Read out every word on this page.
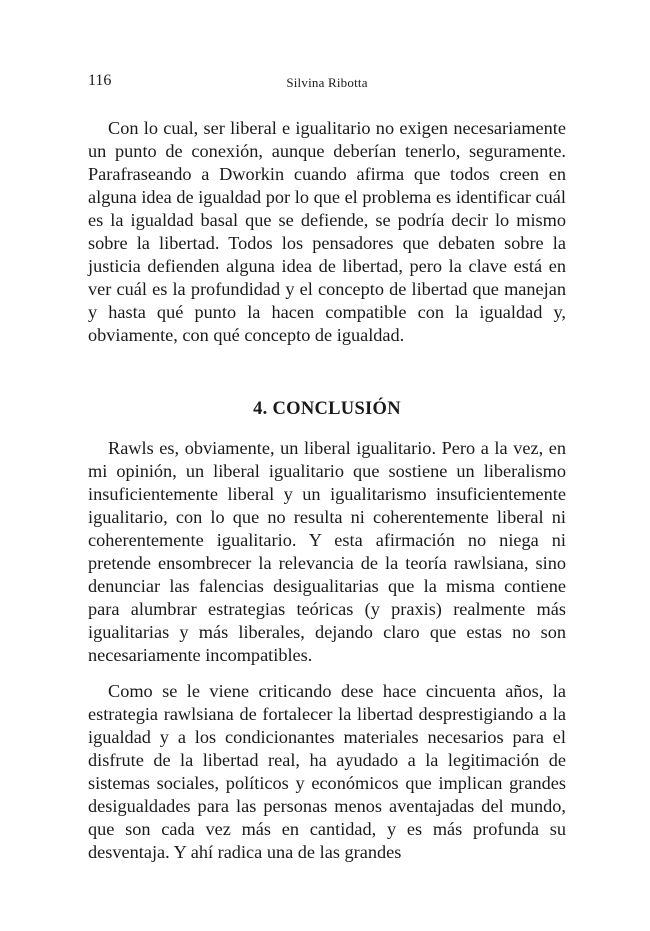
116	Silvina Ribotta

Con lo cual, ser liberal e igualitario no exigen necesariamente un punto de conexión, aunque deberían tenerlo, seguramente. Parafraseando a Dworkin cuando afirma que todos creen en alguna idea de igualdad por lo que el problema es identificar cuál es la igualdad basal que se defiende, se podría decir lo mismo sobre la libertad. Todos los pensadores que debaten sobre la justicia defienden alguna idea de libertad, pero la clave está en ver cuál es la profundidad y el concepto de libertad que manejan y hasta qué punto la hacen compatible con la igualdad y, obviamente, con qué concepto de igualdad.

4. CONCLUSIÓN

Rawls es, obviamente, un liberal igualitario. Pero a la vez, en mi opinión, un liberal igualitario que sostiene un liberalismo insuficientemente liberal y un igualitarismo insuficientemente igualitario, con lo que no resulta ni coherentemente liberal ni coherentemente igualitario. Y esta afirmación no niega ni pretende ensombrecer la relevancia de la teoría rawlsiana, sino denunciar las falencias desigualitarias que la misma contiene para alumbrar estrategias teóricas (y praxis) realmente más igualitarias y más liberales, dejando claro que estas no son necesariamente incompatibles.

Como se le viene criticando dese hace cincuenta años, la estrategia rawlsiana de fortalecer la libertad desprestigiando a la igualdad y a los condicionantes materiales necesarios para el disfrute de la libertad real, ha ayudado a la legitimación de sistemas sociales, políticos y económicos que implican grandes desigualdades para las personas menos aventajadas del mundo, que son cada vez más en cantidad, y es más profunda su desventaja. Y ahí radica una de las grandes
